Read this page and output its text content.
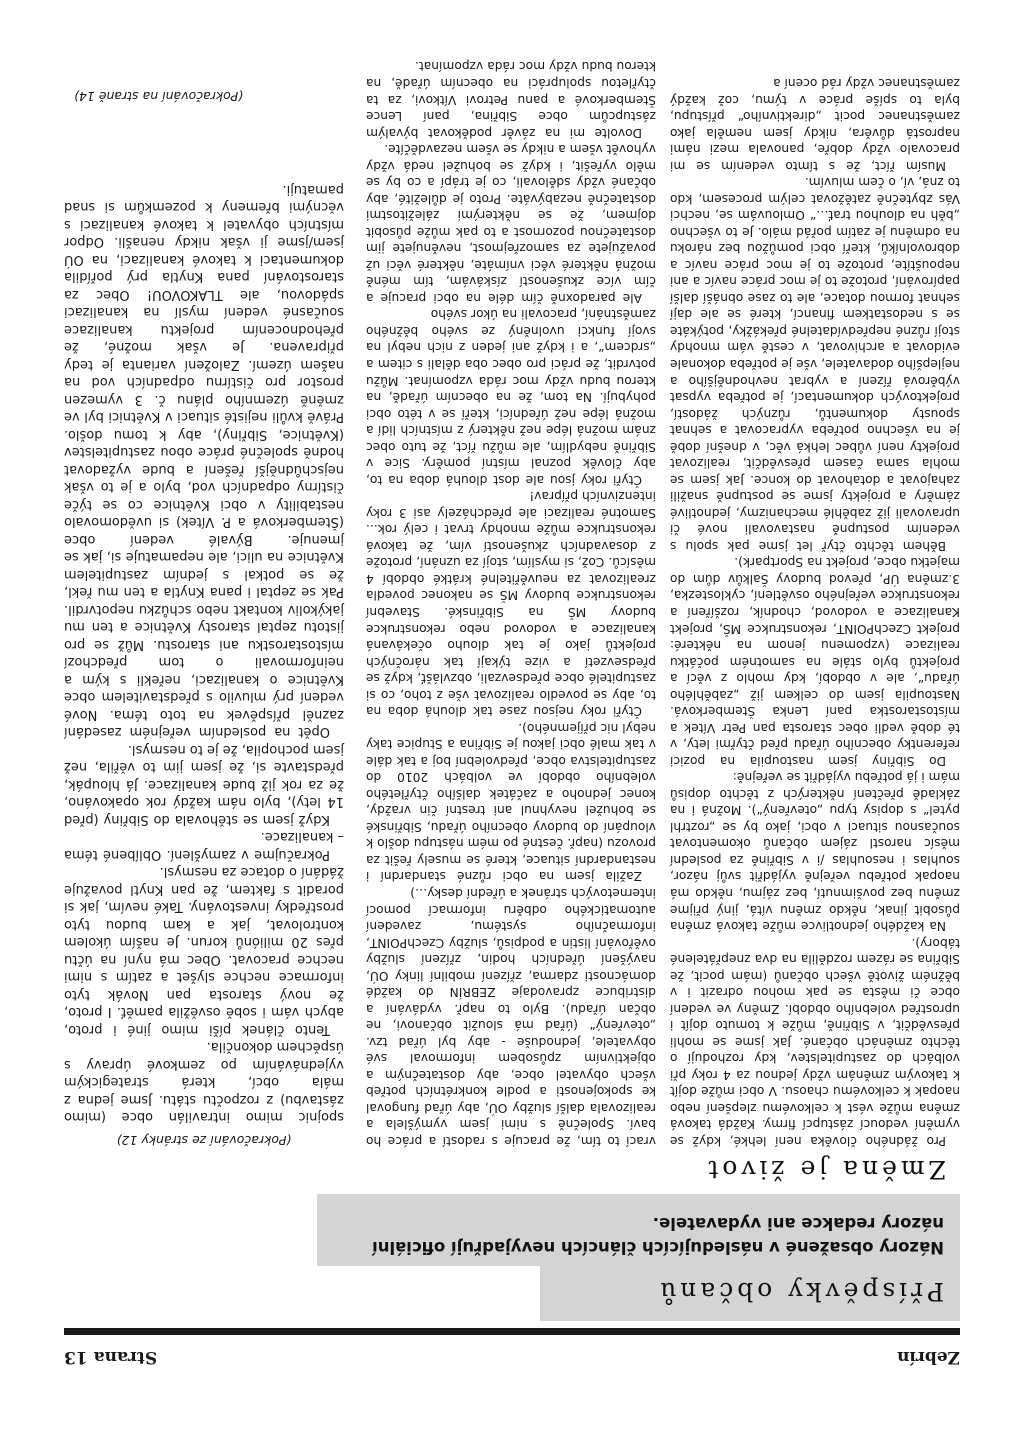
Zebrín
Strana 13
Příspěvky občanů
Názory obsažené v následujících článcích nevyjadřují oficiální názory redakce ani vydavatele.
Změna je život

Pro žádného člověka není lehké, když se vymění vedoucí zástupcí firmy. Každá taková změna může vést k celkovému zlepšení nebo naopak k celkovému chaosu. V obci může dojít k takovým změnám vždy jednou za 4 roky při volbách do zastupitelstev, kdy rozhodují o těchto změnách občané. Jak jsme se mohli přesvědčit, v Sibřině, může k tomuto dojít i uprostřed volebního období. Změny ve vedení obce či města se pak mohou odrazit i v běžném životě všech občanů (mám pocit, že Sibřina se rázem rozdělila na dva znepřátelené tábory).

Na každého jednotlivce může taková změna působit jinak, někdo změnu vítá, jiný přijme změnu bez povšimnutí, bez zájmu, někdo má naopak potřebu veřejně vyjádřit svůj názor, souhlas i nesouhlas /i v Sibřině za poslední měsíc narostl zájem občanů okomentovat současnou situaci v obci, jako by se „roztrhl pytel“ s dopisy typu „otevřený“). Možná i na základě přečtení některých z těchto dopisů mám i já potřebu vyjádřit se veřejně:

Do Sibřiny jsem nastoupila na pozici referentky obecního úřadu před čtyřmi lety, v té době vedli obec starosta pan Petr Vítek a místostarostka paní Lenka Štemberková. Nastoupila jsem do celkem již „zaběhlého úřadu“, ale v období, kdy mohlo z věcí a projektů bylo stále na samotném počátku realizace (vzpomenu jenom na některé: projekt CzechPOINT, rekonstrukce MŠ, projekt Kanalizace a vodovod, chodník, rozšíření a rekonstrukce veřejného osvětlení, cyklostezka, 3.změna ÚP, převod budovy Šalkův dům do majetku obce, projekt na Sportpark).

Během těchto čtyř let jsme pak spolu s vedením postupně nastavovali nové či upravovali již zaběhlé mechanizmy, jednotlivé záměry a projekty jsme se postupně snažili zahajovat a dotahovat do konce. Jak jsem se mohla sama časem přesvědčit, realizovat projekty není vůbec lehká věc, v dnešní době je na všechno potřeba vypracovat a sehnat spousty dokumentů, různých žádostí, projektových dokumentací, je potřeba vypsat výběrová řízení a vybrat nevhodnějšího a nejlepšího dodavatele, vše je potřeba dokonale evidovat a archivovat, v cestě vám mnohdy stojí různé nepředvídatelné překážky, potýkáte se s nedostatkem financí, které se ale dají sehnat formou dotace, ale to zase obnáší další papírování, protože to je moc práce navíc a ani nepouštíte, protože to je moc práce navíc a dobrovolníků, kteří obci pomůžou bez nároku na odměnu je zatím pořád málo. Je to všechno „běh na dlouhou trať…“ Omlouvám se, nechci Vás zbytečně zatěžovat celým procesem, kdo to zná, ví, o čem mluvím.

Musím říct, že s tímto vedením se mi pracovalo vždy dobře, panovala mezi námi naprostá důvěra, nikdy jsem neměla jako zaměstnanec pocit „direktivního“ přístupu, byla to spíše práce v týmu, což každý zaměstnanec vždy rád ocení a

vrací to tím, že pracuje s radostí a práce ho baví. Společně s nimi jsem vymýšlela a realizovala další služby OÚ, aby úřad fungoval ke spokojenosti a podle konkrétních potřeb všech obyvatel obce, aby dostatečným a objektivním způsobem informoval své obyvatele, jednoduše - aby byl úřad tzv.„otevřený“ (úřad má sloužit občanovi, ne občan úřadu). Bylo to např. vydávání a distribuce zpravodaje ZEBRÍN do každé domácnosti zdarma, zřízení mobilní linky OÚ, navýšení úředních hodin, zřízení služby ověřování listin a podpisů, služby CzechPOINT, informačního systému, zavedení automatického odběru informací pomocí internetových stránek a úřední desky…)

Zažila jsem na obci různé standardní i nestandardní situace, které se musely řešit za provozu (např. čestné po mém nástupu došlo k vloupání do budovy obecního úřadu, Sibřinské se bohužel nevyhnul ani trestní čin vraždy, konec jednoho a začátek dalšího čtyřletého volebního období ve volbách 2010 do zastupitelstva obce, předvolební boj a tak dále v tak malé obci jakou je Sibřina a Stupice taky nebyl nic příjemného).

Čtyři roky nejsou zase tak dlouhá doba na to, aby se povedlo realizovat vše z toho, co si zastupitelé obce předsevzali, obzvlášť, když se předsevzetí a vize týkají tak náročných projektů jako je tak dlouho očekávaná kanalizace a vodovod nebo rekonstrukce budovy MŠ na Sibřinské. Stavební rekonstrukce budovy MŠ se nakonec povedla zrealizovat za neuvěřitelné krátké období 4 měsíců. Což, si myslím, stojí za uznání, protože z dosavadních zkušeností vím, že taková rekonstrukce může mnohdy trvat i celý rok... Samotné realizaci ale předcházely asi 3 roky intenzivních příprav!

Čtyři roky jsou ale dost dlouhá doba na to, aby člověk poznal místní poměry. Sice v Sibřině nebydlím, ale můžu říct, že tuto obec znám možná lépe než některý z místních lidí a možná lépe než úředníci, kteří se v této obci pohybují. Na tom, že na obecním úřadě, na kterou budu vždy moc ráda vzpomínat. Můžu potvrdit, že práci pro obec oba dělali s citem a „srdcem“, a i když ani jeden z nich nebyl na svojí funkci uvolněný ze svého běžného zaměstnání, pracovali na úkor svého

Ale paradoxně čím déle na obci pracuje a čím více zkušeností získávám, tím méně možná některé věci vnímáte, některé věci už považujete za samozřejmost, nevěnujete jim dostatečnou pozornost a to pak může působit dojmem, že se některými záležitostmi dostatečně nezabýváte. Proto je důležité, aby občané vždy sdělovali, co je trápí a co by se mělo vyřešit, i když se bohužel nedá vždy vyhovět všem a nikdy se všem nezavděčíte.

Dovolte mi na závěr poděkovat bývalým zástupcům obce Sibřina, paní Lence Štemberkové a panu Petrovi Vítkovi, za ta čtyřletou spolupráci na obecním úřadě, na kterou budu vždy moc ráda vzpomínat.

(Pokračování ze stránky 12)

spojnic mimo intravilán obce (mimo zástavbu) z rozpočtu státu. Jsme jedna z mála obcí, která strategickým vyjednáváním po zemkové úpravy s úspěchem dokončila.

Tento článek píši mimo jiné i proto, abych vám i sobě osvěžila paměť. I proto, že nový starosta pan Novák tyto informace nechce slyšet a zatím s nimi nechce pracovat. Obec má nyní na účtu přes 20 miliónů korun. Je naším úkolem kontrolovat, jak a kam budou tyto prostředky investovány. Také nevím, jak si poradit s faktem, že pan Knytl považuje žádání o dotace za nesmysl.

Pokračujme v zamyšlení. Oblíbené téma – kanalizace.

Když jsem se stěhovala do Sibřiny (před 14 lety), bylo nám každý rok opakováno, že za rok již bude kanalizace. Já hloupák, představte si, že jsem jim to věřila, než jsem pochopila, že je to nesmysl.

Opět na posledním veřejném zasedání zazněl příspěvek na toto téma. Nové vedení prý mluvilo s představitelem obce Květnice o kanalizaci, neřekli s kým a neinformovali o tom předchozí místostarostku ani starostu. Můž se pro jistotu zeptal starosty Květnice a ten mu jakýkoliv kontakt nebo schůzku nepotvrdil. Pak se zeptal i pana Knytla a ten mu řekl, že se potkal s jedním zastupitelem Květnice na ulici, ale nepamatuje si, jak se jmenuje. Bývalé vedení obce (Štemberková a P. Vítek) si uvědomovalo nestability v obci Květnice co se týče čistírny odpadních vod, bylo a je to však nejschůdnější řešení a bude vyžadovat hodně společné práce obou zastupitelstev (Květnice, Sibřiny), aby k tomu došlo. Právě kvůli nejisté situaci v Květnici byl ve změně územního plánu č. 3 vymezen prostor pro čistírnu odpadních vod na našem území. Založení varianta je tedy připravena. Je však možné, že přehodnocením projektu kanalizace současné vedení myslí na kanalizaci spádovou, ale TLAKOVOU! Obec za starostování pana Knytla prý pořídila dokumentaci k takové kanalizaci, na OÚ jsem/jsme ji však nikdy nenašli. Odpor místních obyvatel k takové kanalizaci s věcnými břemeny k pozemkům si snad pamatuji.

(Pokračování na straně 14)
